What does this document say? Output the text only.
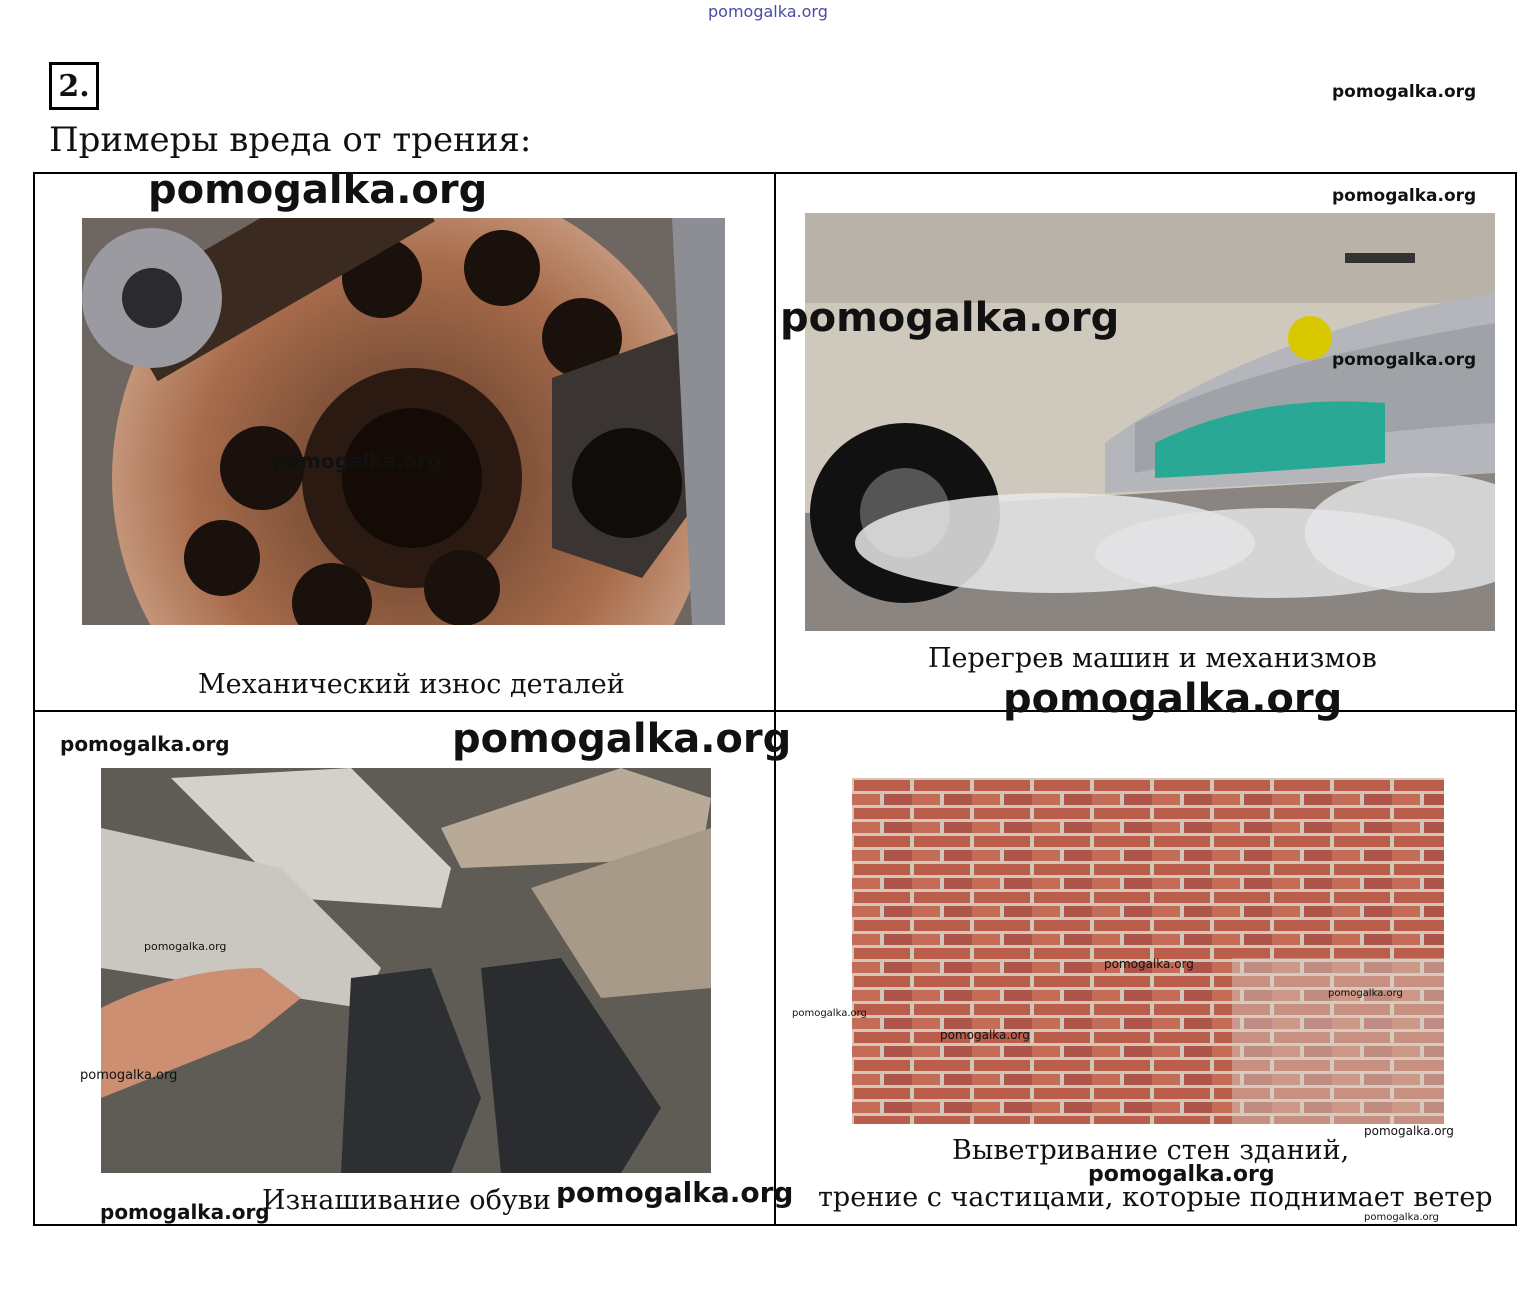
pomogalka.org
2.	pomogalka.org
Примеры вреда от трения:
pomogalka.org
pomogalka.org
Механический износ деталей
pomogalka.org
pomogalka.org
pomogalka.org
Перегрев машин и механизмов
pomogalka.org
pomogalka.org	pomogalka.org
pomogalka.org
pomogalka.org
pomogalka.org
Изнашивание обуви pomogalka.org
pomogalka.org
pomogalka.org
pomogalka.org
pomogalka.org
pomogalka.org
Выветривание стен зданий,
pomogalka.org
трение с частицами, которые поднимает ветер
pomogalka.org
